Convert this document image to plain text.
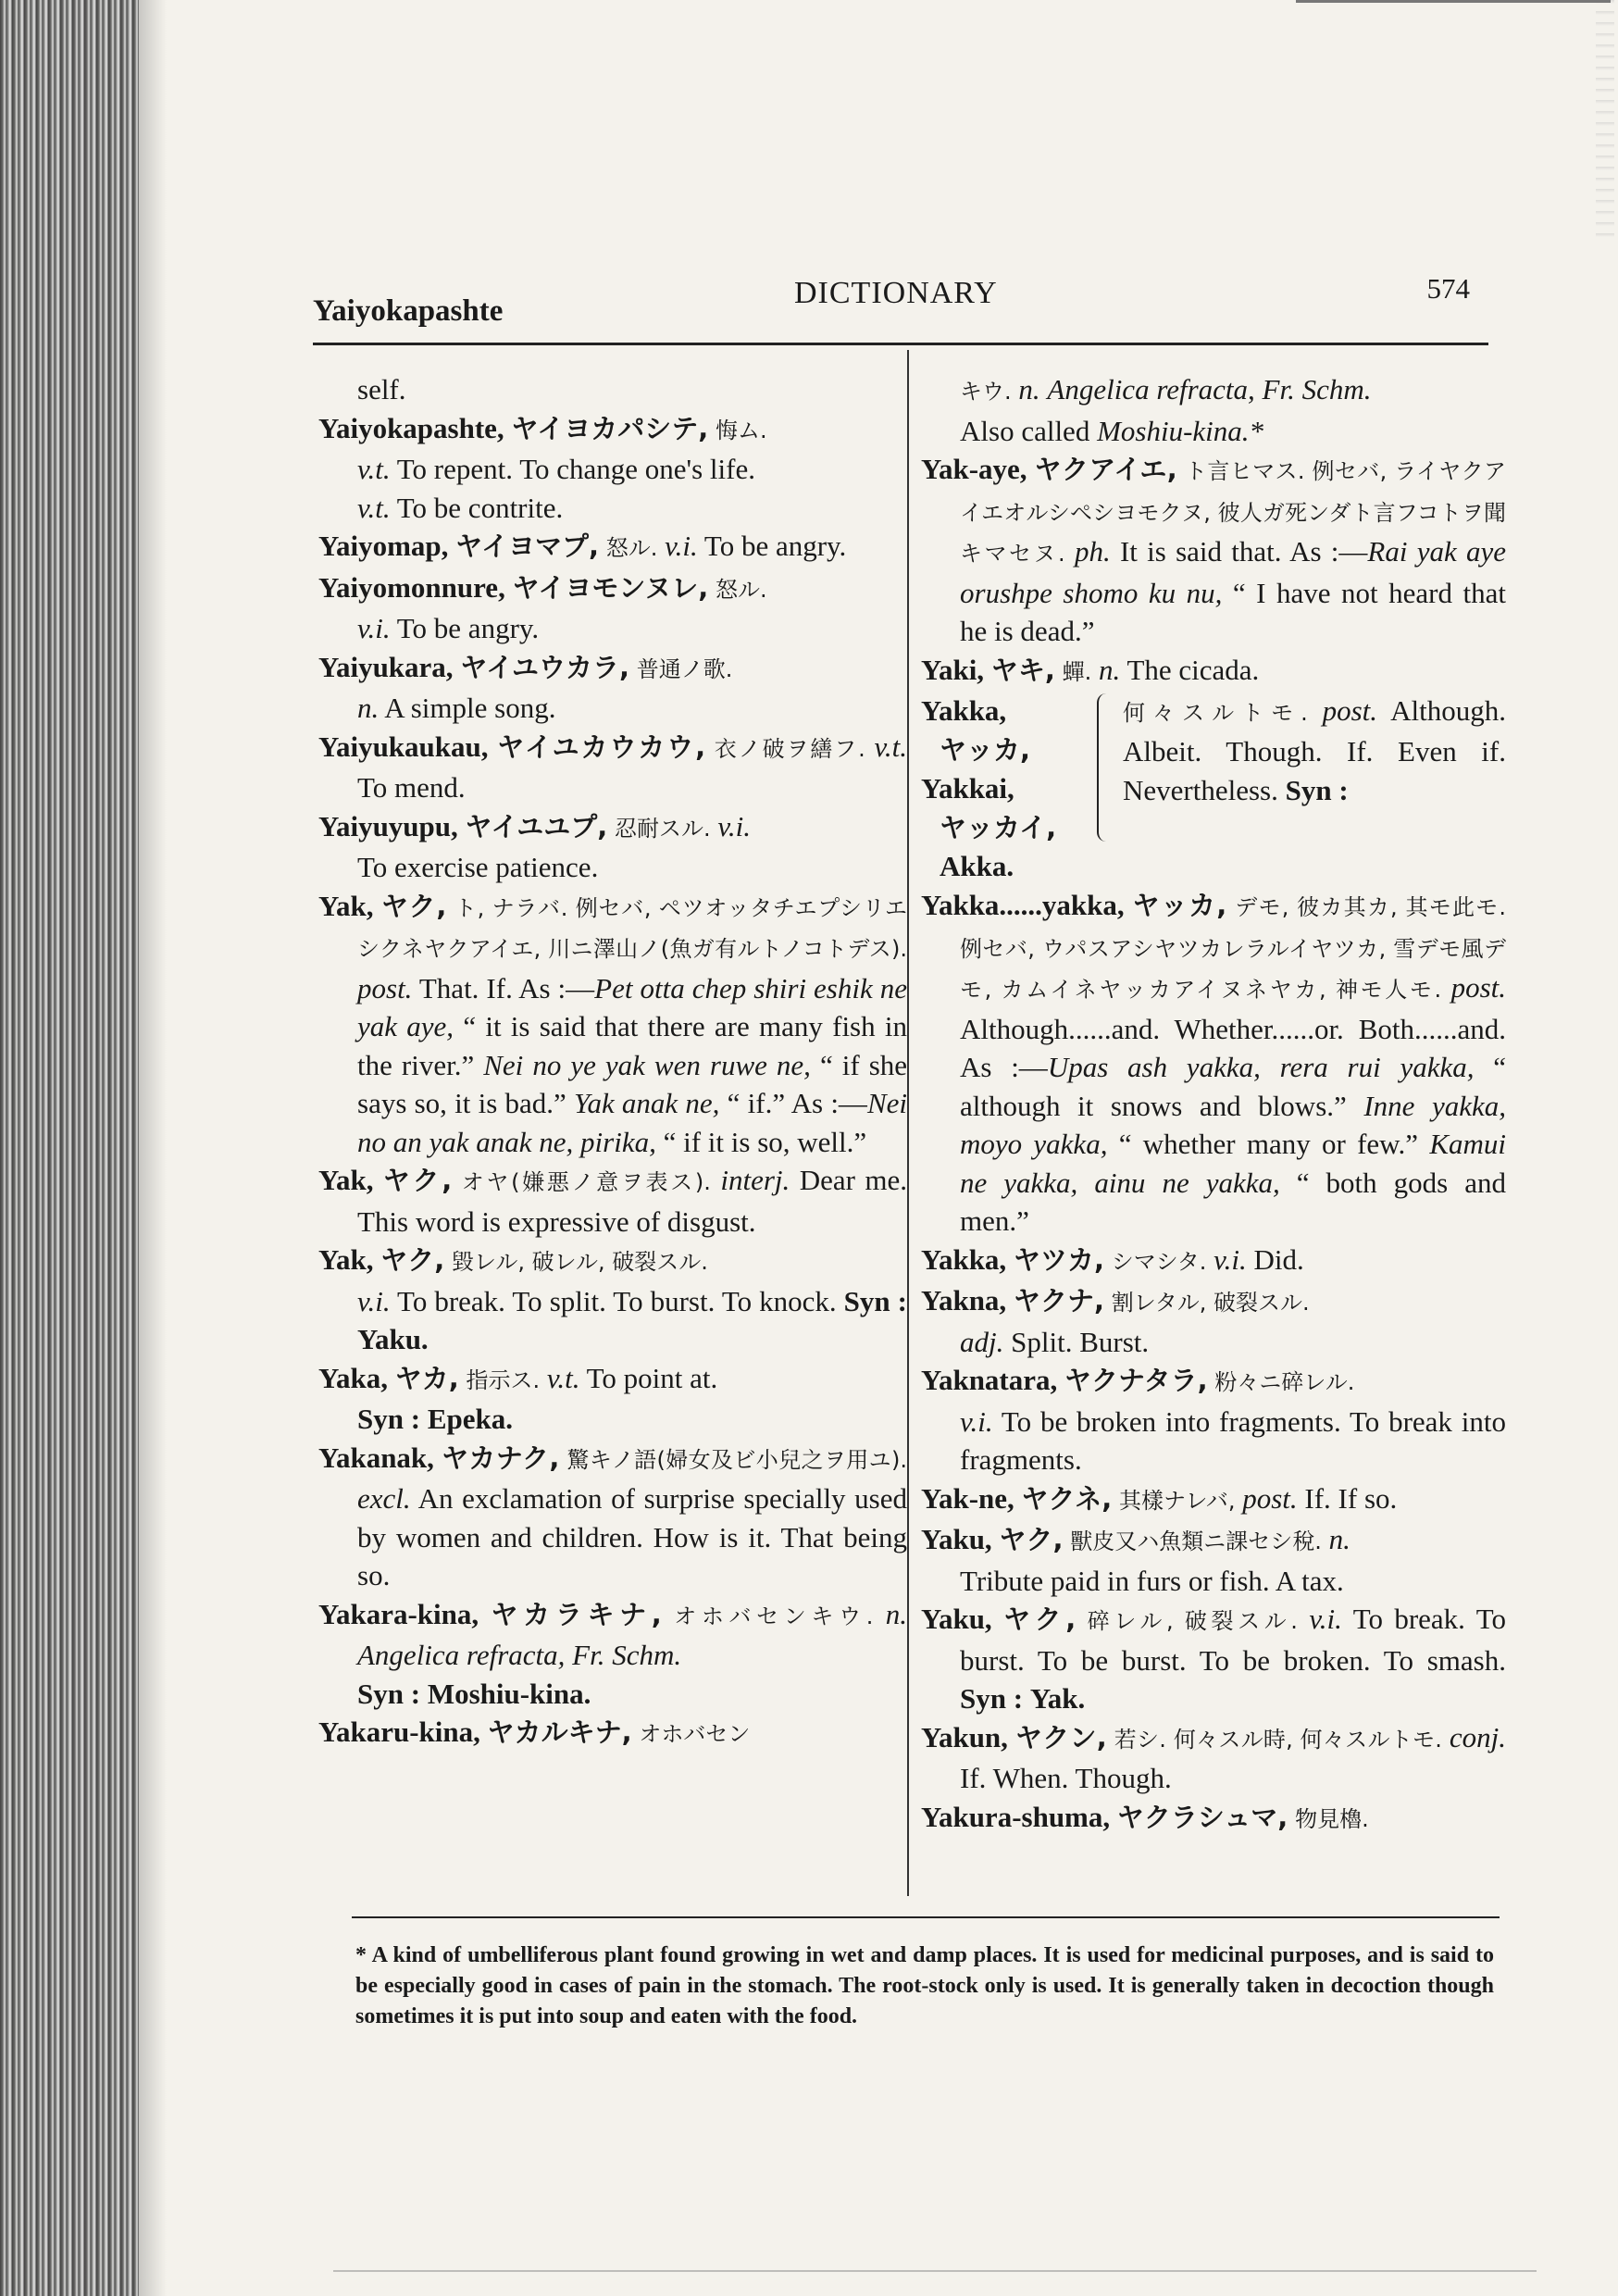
Yaiyokapashte
DICTIONARY	574

self.

Yaiyokapashte, ヤイヨカパシテ, 悔ム.
v.t. To repent. To change one's life.
v.t. To be contrite.

Yaiyomap, ヤイヨマプ, 怒ル. v.i. To be angry.

Yaiyomonnure, ヤイヨモンヌレ, 怒ル.
v.i. To be angry.

Yaiyukara, ヤイユウカラ, 普通ノ歌.
n. A simple song.

Yaiyukaukau, ヤイユカウカウ, 衣ノ破ヲ繕フ. v.t. To mend.

Yaiyuyupu, ヤイユユプ, 忍耐スル. v.i.
To exercise patience.

Yak, ヤク, ト, ナラバ. 例セバ, ペツオッタチエプシリエシクネヤクアイエ, 川ニ澤山ノ(魚ガ有ルトノコトデス). post. That. If. As :—Pet otta chep shiri eshik ne yak aye, “ it is said that there are many fish in the river.” Nei no ye yak wen ruwe ne, “ if she says so, it is bad.” Yak anak ne, “ if.” As :—Nei no an yak anak ne, pirika, “ if it is so, well.”

Yak, ヤク, オヤ(嫌悪ノ意ヲ表ス). interj. Dear me. This word is expressive of disgust.

Yak, ヤク, 毀レル, 破レル, 破裂スル.
v.i. To break. To split. To burst. To knock. Syn : Yaku.

Yaka, ヤカ, 指示ス. v.t. To point at.
Syn : Epeka.

Yakanak, ヤカナク, 驚キノ語(婦女及ビ小兒之ヲ用ユ). excl. An exclamation of surprise specially used by women and children. How is it. That being so.

Yakara-kina, ヤカラキナ, オホバセンキウ. n. Angelica refracta, Fr. Schm.
Syn : Moshiu-kina.

Yakaru-kina, ヤカルキナ, オホバセン

キウ. n. Angelica refracta, Fr. Schm.
Also called Moshiu-kina.*

Yak-aye, ヤクアイエ, ト言ヒマス. 例セバ, ライヤクアイエオルシペシヨモクヌ, 彼人ガ死ンダト言フコトヲ聞キマセヌ. ph. It is said that. As :—Rai yak aye orushpe shomo ku nu, “ I have not heard that he is dead.”

Yaki, ヤキ, 蟬. n. The cicada.

Yakka,
ヤッカ,
Yakkai,
ヤッカイ,
Akka.
何々スルトモ. post. Although. Albeit. Though. If. Even if. Nevertheless. Syn :

Yakka......yakka, ヤッカ, デモ, 彼カ其カ, 其モ此モ. 例セバ, ウパスアシヤツカレラルイヤツカ, 雪デモ風デモ, カムイネヤッカアイヌネヤカ, 神モ人モ. post. Although......and. Whether......or. Both......and. As :—Upas ash yakka, rera rui yakka, “ although it snows and blows.” Inne yakka, moyo yakka, “ whether many or few.” Kamui ne yakka, ainu ne yakka, “ both gods and men.”

Yakka, ヤツカ, シマシタ. v.i. Did.

Yakna, ヤクナ, 割レタル, 破裂スル.
adj. Split. Burst.

Yaknatara, ヤクナタラ, 粉々ニ碎レル.
v.i. To be broken into fragments. To break into fragments.

Yak-ne, ヤクネ, 其樣ナレバ, post. If. If so.

Yaku, ヤク, 獸皮又ハ魚類ニ課セシ稅. n.
Tribute paid in furs or fish. A tax.

Yaku, ヤク, 碎レル, 破裂スル. v.i. To break. To burst. To be burst. To be broken. To smash. Syn : Yak.

Yakun, ヤクン, 若シ. 何々スル時, 何々スルトモ. conj. If. When. Though.

Yakura-shuma, ヤクラシュマ, 物見櫓.

* A kind of umbelliferous plant found growing in wet and damp places. It is used for medicinal purposes, and is said to be especially good in cases of pain in the stomach. The root-stock only is used. It is generally taken in decoction though sometimes it is put into soup and eaten with the food.
